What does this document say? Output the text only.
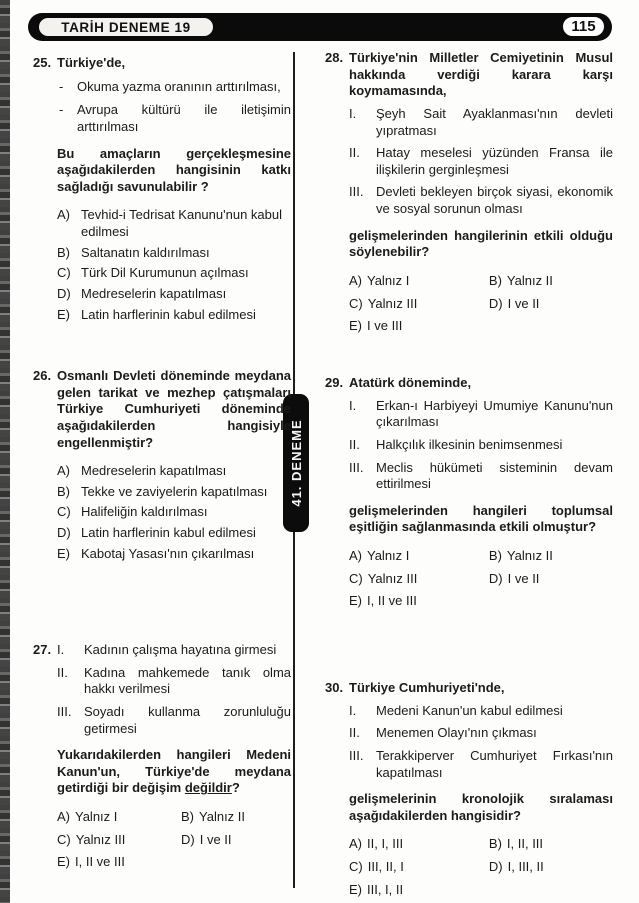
TARİH DENEME 19	115
41. DENEME
25. Türkiye'de,

-	Okuma yazma oranının arttırılması,

-	Avrupa kültürü ile iletişimin arttırılması

Bu amaçların gerçekleşmesine aşağıdakilerden hangisinin katkı sağladığı savunulabilir ?

A) Tevhid-i Tedrisat Kanunu'nun kabul edilmesi
B) Saltanatın kaldırılması
C) Türk Dil Kurumunun açılması
D) Medreselerin kapatılması
E) Latin harflerinin kabul edilmesi
26. Osmanlı Devleti döneminde meydana gelen tarikat ve mezhep çatışmaları Türkiye Cumhuriyeti döneminde aşağıdakilerden hangisiyle engellenmiştir?

A) Medreselerin kapatılması
B) Tekke ve zaviyelerin kapatılması
C) Halifeliğin kaldırılması
D) Latin harflerinin kabul edilmesi
E) Kabotaj Yasası'nın çıkarılması
27. I.	Kadının çalışma hayatına girmesi

II.	Kadına mahkemede tanık olma hakkı verilmesi

III. Soyadı kullanma zorunluluğu getirmesi

Yukarıdakilerden hangileri Medeni Kanun'un, Türkiye'de meydana getirdiği bir değişim değildir?

A) Yalnız I	B) Yalnız II
C) Yalnız III	D) I ve II
E) I, II ve III
28. Türkiye'nin Milletler Cemiyetinin Musul hakkında verdiği karara karşı koymamasında,

I.	Şeyh Sait Ayaklanması'nın devleti yıpratması

II.	Hatay meselesi yüzünden Fransa ile ilişkilerin gerginleşmesi

III. Devleti bekleyen birçok siyasi, ekonomik ve sosyal sorunun olması

gelişmelerinden hangilerinin etkili olduğu söylenebilir?

A) Yalnız I	B) Yalnız II
C) Yalnız III	D) I ve II
E) I ve III
29. Atatürk döneminde,

I.	Erkan-ı Harbiyeyi Umumiye Kanunu'nun çıkarılması

II.	Halkçılık ilkesinin benimsenmesi

III. Meclis hükümeti sisteminin devam ettirilmesi

gelişmelerinden hangileri toplumsal eşitliğin sağlanmasında etkili olmuştur?

A) Yalnız I	B) Yalnız II
C) Yalnız III	D) I ve II
E) I, II ve III
30. Türkiye Cumhuriyeti'nde,

I.	Medeni Kanun'un kabul edilmesi

II.	Menemen Olayı'nın çıkması

III. Terakkiperver Cumhuriyet Fırkası'nın kapatılması

gelişmelerinin kronolojik sıralaması aşağıdakilerden hangisidir?

A) II, I, III	B) I, II, III
C) III, II, I	D) I, III, II
E) III, I, II
